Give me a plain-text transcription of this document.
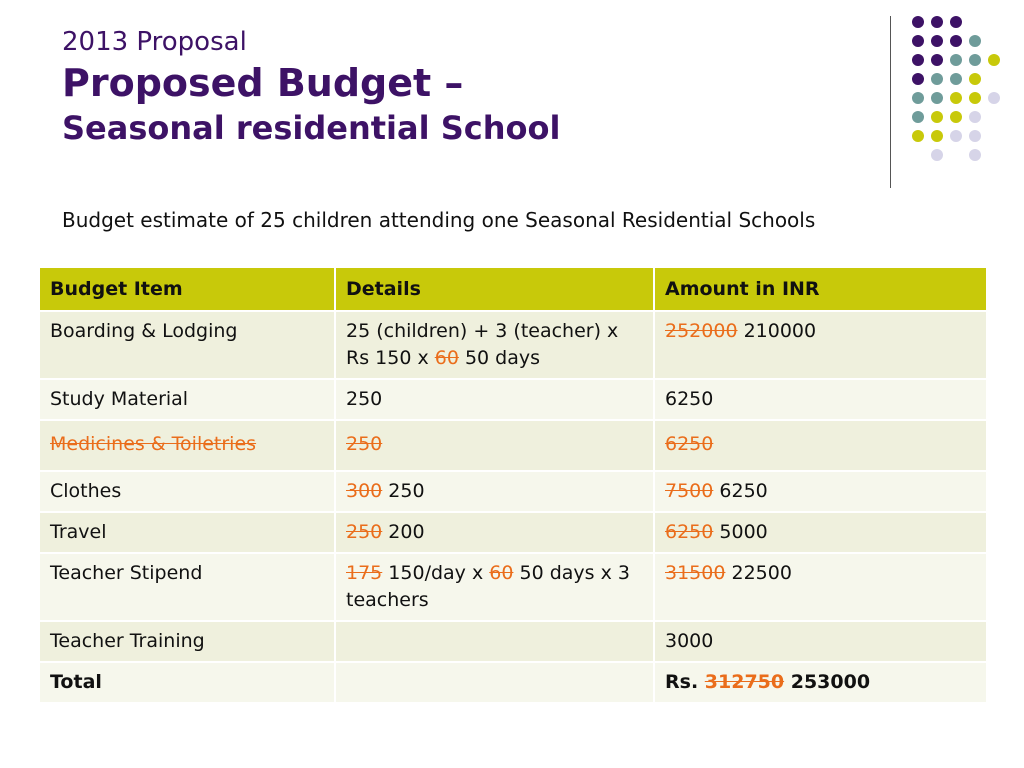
2013 Proposal
Proposed Budget –
Seasonal residential School
Budget estimate of 25 children attending one Seasonal Residential Schools
Budget Item	Details	Amount in INR
Boarding & Lodging	25 (children) + 3 (teacher) x Rs 150 x 60 50 days	252000 210000
Study Material	250	6250
Medicines & Toiletries	250	6250
Clothes	300 250	7500 6250
Travel	250 200	6250 5000
Teacher Stipend	175 150/day x 60 50 days x 3 teachers	31500 22500
Teacher Training		3000
Total		Rs. 312750 253000
